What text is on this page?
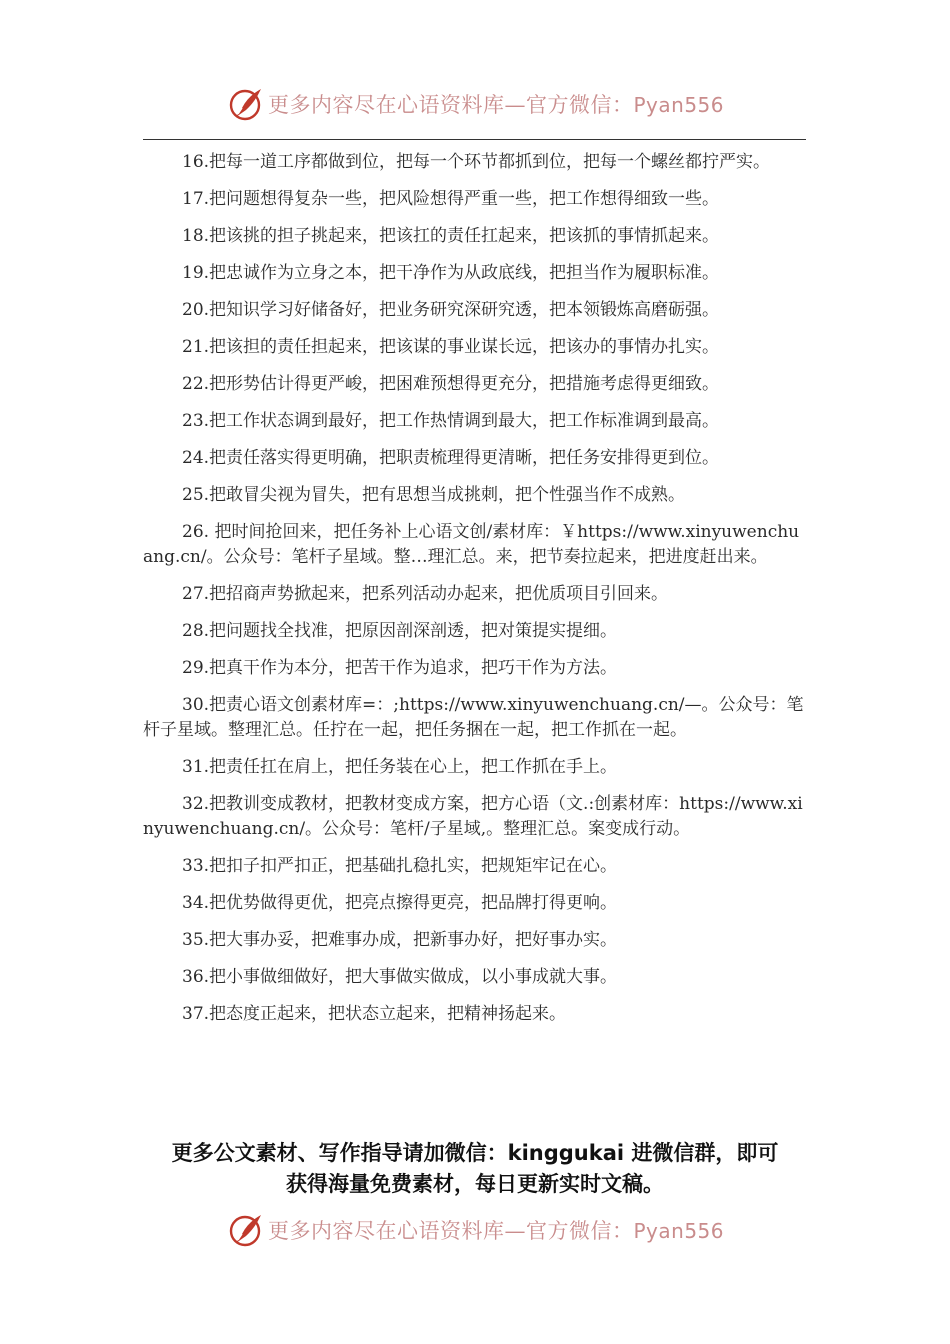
更多内容尽在心语资料库—官方微信：Pyan556

16.把每一道工序都做到位，把每一个环节都抓到位，把每一个螺丝都拧严实。

17.把问题想得复杂一些，把风险想得严重一些，把工作想得细致一些。

18.把该挑的担子挑起来，把该扛的责任扛起来，把该抓的事情抓起来。

19.把忠诚作为立身之本，把干净作为从政底线，把担当作为履职标准。

20.把知识学习好储备好，把业务研究深研究透，把本领锻炼高磨砺强。

21.把该担的责任担起来，把该谋的事业谋长远，把该办的事情办扎实。

22.把形势估计得更严峻，把困难预想得更充分，把措施考虑得更细致。

23.把工作状态调到最好，把工作热情调到最大，把工作标准调到最高。

24.把责任落实得更明确，把职责梳理得更清晰，把任务安排得更到位。

25.把敢冒尖视为冒失，把有思想当成挑刺，把个性强当作不成熟。

26. 把时间抢回来，把任务补上心语文创/素材库：￥https://www.xinyuwenchuang.cn/。公众号：笔杆子星域。整…理汇总。来，把节奏拉起来，把进度赶出来。

27.把招商声势掀起来，把系列活动办起来，把优质项目引回来。

28.把问题找全找准，把原因剖深剖透，把对策提实提细。

29.把真干作为本分，把苦干作为追求，把巧干作为方法。

30.把责心语文创素材库=：;https://www.xinyuwenchuang.cn/—。公众号：笔杆子星域。整理汇总。任拧在一起，把任务捆在一起，把工作抓在一起。

31.把责任扛在肩上，把任务装在心上，把工作抓在手上。

32.把教训变成教材，把教材变成方案，把方心语（文.:创素材库：https://www.xinyuwenchuang.cn/。公众号：笔杆/子星域,。整理汇总。案变成行动。

33.把扣子扣严扣正，把基础扎稳扎实，把规矩牢记在心。

34.把优势做得更优，把亮点擦得更亮，把品牌打得更响。

35.把大事办妥，把难事办成，把新事办好，把好事办实。

36.把小事做细做好，把大事做实做成，以小事成就大事。

37.把态度正起来，把状态立起来，把精神扬起来。

更多公文素材、写作指导请加微信：kinggukai 进微信群，即可
获得海量免费素材，每日更新实时文稿。
更多内容尽在心语资料库—官方微信：Pyan556
